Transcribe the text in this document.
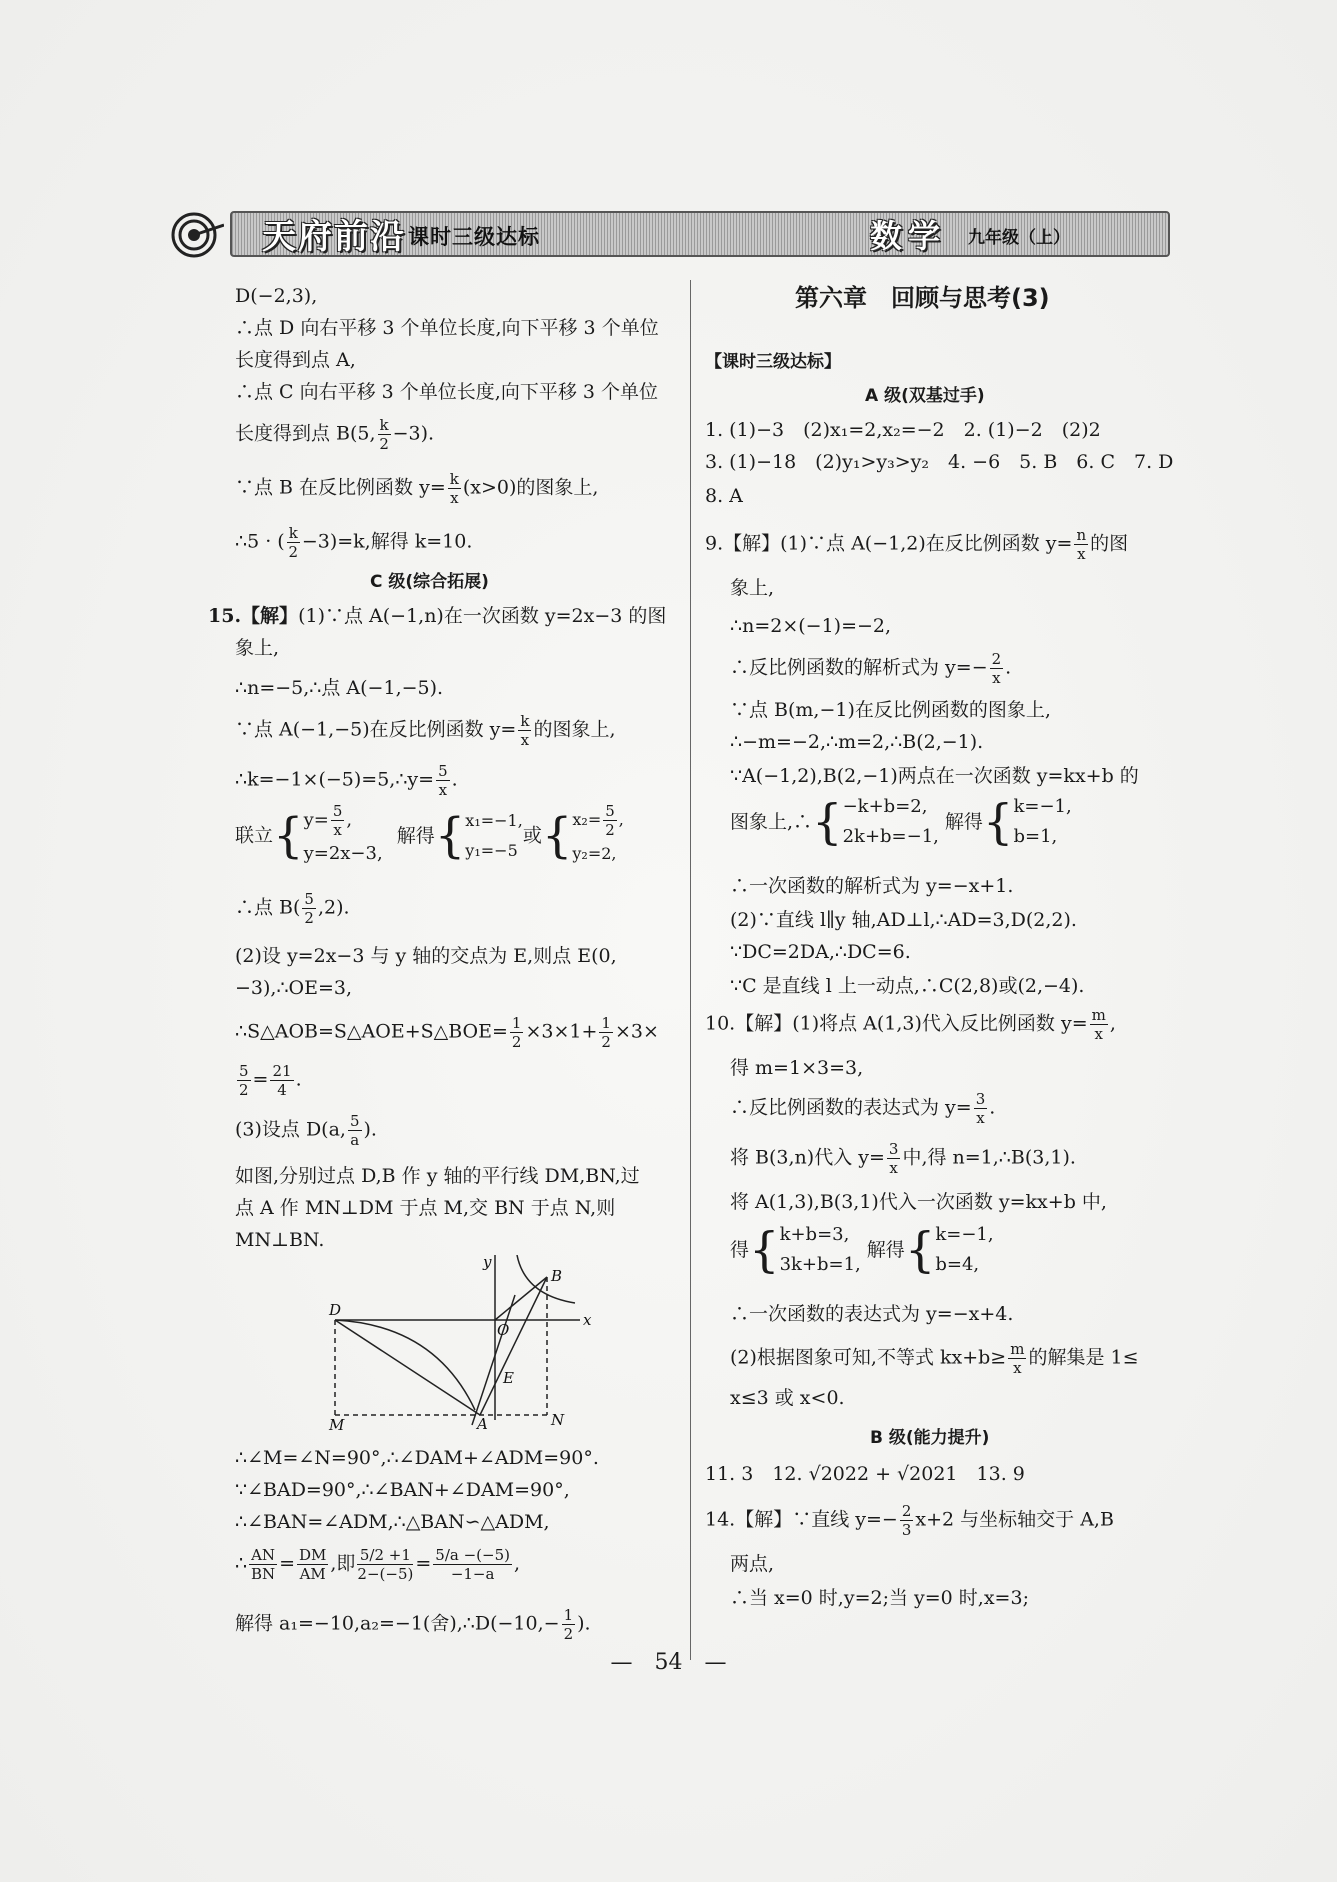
天府前沿 课时三级达标	数学 九年级（上）
D(−2,3),
∴点 D 向右平移 3 个单位长度,向下平移 3 个单位
长度得到点 A,
∴点 C 向右平移 3 个单位长度,向下平移 3 个单位
长度得到点 B(5, $\frac{k}{2} -3$).
∵点 B 在反比例函数 $y= \frac{k}{x} (x>0)$的图象上,
∴5 · ( $\frac{k}{2} -3)=k$,解得 k=10.
C 级(综合拓展)
15.【解】(1)∵点 A(−1,n)在一次函数 y=2x−3 的图
象上,
∴n=−5,∴点 A(−1,−5).
∵点 A(−1,−5)在反比例函数 $y= \frac{k}{x}$ 的图象上,
∴k=−1×(−5)=5,∴y= $\frac{5}{x}$ .
联立{ $y= \frac{5}{x}$ ,
y=2x−3,
解得{ x₁=−1,
y₁=−5
或{ $x_2= \frac{5}{2}$ ,
y₂=2,
∴点 $B( \frac{5}{2} ,2)$.
(2)设 y=2x−3 与 y 轴的交点为 E,则点 E(0,
−3),∴OE=3,
∴S△AOB=S△AOE+S△BOE= $\frac{1}{2} \times 3\times 1+ \frac{1}{2} \times 3\times$
$\frac{5}{2} = \frac{21}{4}$ .
(3)设点 D(a, $\frac{5}{a}$ ).
如图,分别过点 D,B 作 y 轴的平行线 DM,BN,过
点 A 作 MN⊥DM 于点 M,交 BN 于点 N,则
MN⊥BN.
∴∠M=∠N=90°,∴∠DAM+∠ADM=90°.
∵∠BAD=90°,∴∠BAN+∠DAM=90°,
∴∠BAN=∠ADM,∴△BAN∽△ADM,
∴ $\frac{AN}{BN} = \frac{DM}{AM}$ ,即 $\frac{5/2 +1}{2-(-5)} = \frac{5/a -(-5)}{-1-a}$ ,
解得 a₁=−10,a₂=−1(舍),∴D(−10,− $\frac{1}{2}$ ).
y
x
B
D
O
E
M	N
A
第六章　回顾与思考(3)
【课时三级达标】
A 级(双基过手)
1. (1)−3　(2)x₁=2,x₂=−2　2. (1)−2　(2)2
3. (1)−18　(2)y₁>y₃>y₂　4. −6　5. B　6. C　7. D
8. A
9.【解】(1)∵点 A(−1,2)在反比例函数 $y= \frac{n}{x}$ 的图
象上,
∴n=2×(−1)=−2,
∴反比例函数的解析式为 $y=- \frac{2}{x}$ .
∵点 B(m,−1)在反比例函数的图象上,
∴−m=−2,∴m=2,∴B(2,−1).
∵A(−1,2),B(2,−1)两点在一次函数 y=kx+b 的
图象上,∴{ −k+b=2,
2k+b=−1,
解得{ k=−1,
b=1,
∴一次函数的解析式为 y=−x+1.
(2)∵直线 l∥y 轴,AD⊥l,∴AD=3,D(2,2).
∵DC=2DA,∴DC=6.
∵C 是直线 l 上一动点,∴C(2,8)或(2,−4).
10.【解】(1)将点 A(1,3)代入反比例函数 $y= \frac{m}{x}$ ,
得 m=1×3=3,
∴反比例函数的表达式为 $y= \frac{3}{x}$ .
将 B(3,n)代入 $y= \frac{3}{x}$ 中,得 n=1,∴B(3,1).
将 A(1,3),B(3,1)代入一次函数 y=kx+b 中,
得{ k+b=3,
3k+b=1,
解得{ k=−1,
b=4,
∴一次函数的表达式为 y=−x+4.
(2)根据图象可知,不等式 $kx+b\ge \frac{m}{x}$ 的解集是 1≤
x≤3 或 x<0.
B 级(能力提升)
11. 3　12. √2022 + √2021　13. 9
14.【解】∵直线 $y=- \frac{2}{3} x+2$ 与坐标轴交于 A,B
两点,
∴当 x=0 时,y=2;当 y=0 时,x=3;
—　54　—
